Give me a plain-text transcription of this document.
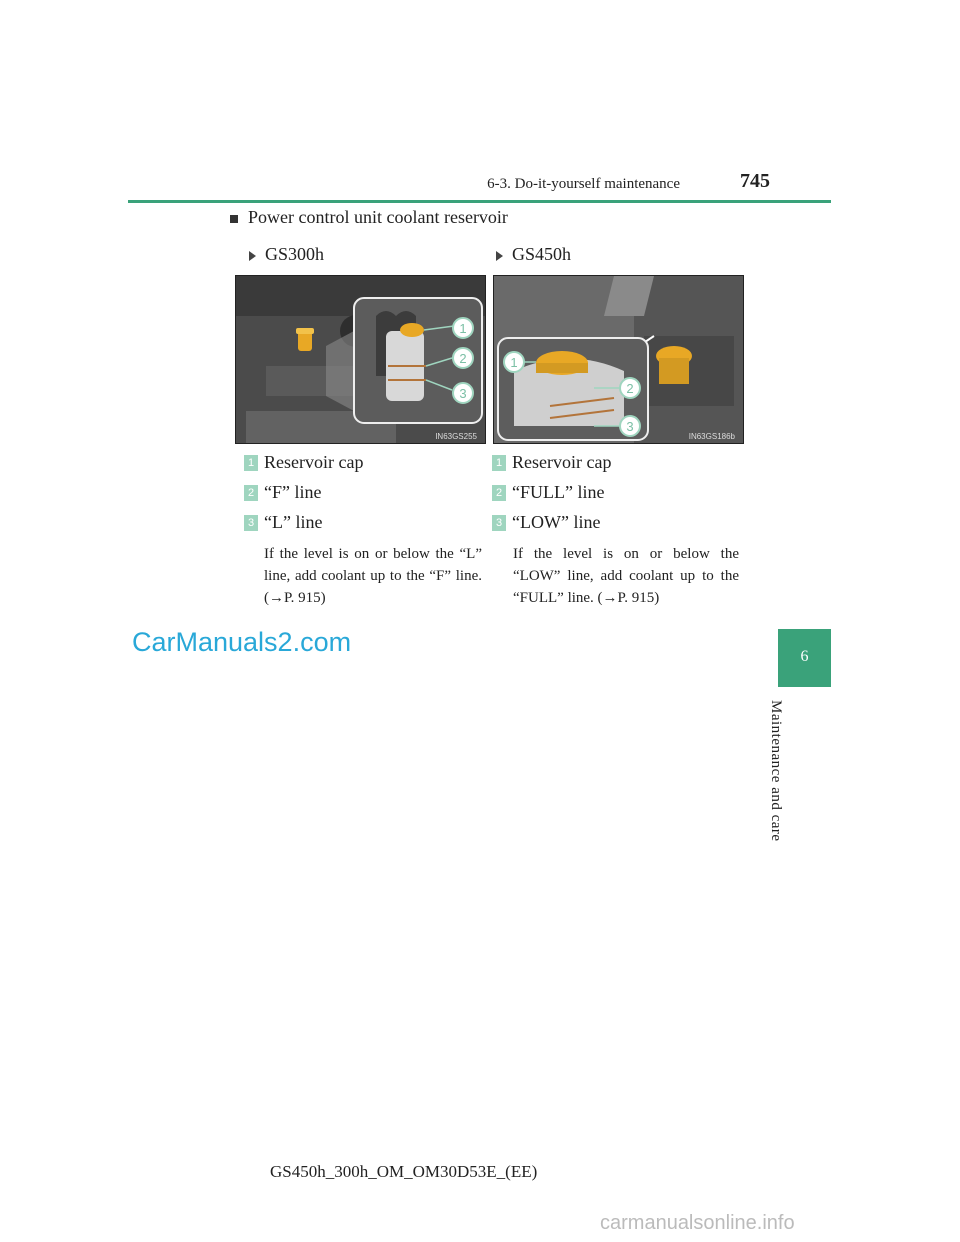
6-3. Do-it-yourself maintenance	745
6
Maintenance and care
Power control unit coolant reservoir
GS300h
1
2
3
IN63GS255
1 Reservoir cap
2 “F” line
3 “L” line
If the level is on or below the “L” line, add coolant up to the “F” line. (→P. 915)
GS450h
1
2
3
IN63GS186b
1 Reservoir cap
2 “FULL” line
3 “LOW” line
If the level is on or below the “LOW” line, add coolant up to the “FULL” line. (→P. 915)
CarManuals2.com
GS450h_300h_OM_OM30D53E_(EE)
carmanualsonline.info
